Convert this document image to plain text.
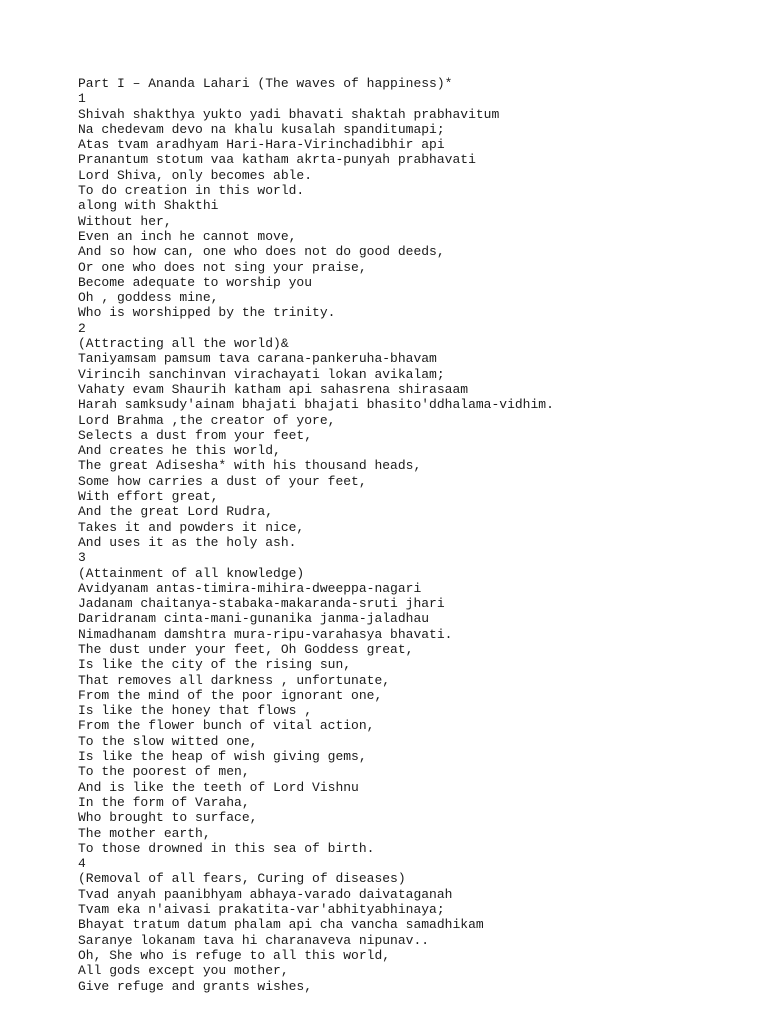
Part I – Ananda Lahari (The waves of happiness)*
1
Shivah shakthya yukto yadi bhavati shaktah prabhavitum
Na chedevam devo na khalu kusalah spanditumapi;
Atas tvam aradhyam Hari-Hara-Virinchadibhir api
Pranantum stotum vaa katham akrta-punyah prabhavati
Lord Shiva, only becomes able.
To do creation in this world.
along with Shakthi
Without her,
Even an inch he cannot move,
And so how can, one who does not do good deeds,
Or one who does not sing your praise,
Become adequate to worship you
Oh , goddess mine,
Who is worshipped by the trinity.
2
(Attracting all the world)&
Taniyamsam pamsum tava carana-pankeruha-bhavam
Virincih sanchinvan virachayati lokan avikalam;
Vahaty evam Shaurih katham api sahasrena shirasaam
Harah samksudy'ainam bhajati bhajati bhasito'ddhalama-vidhim.
Lord Brahma ,the creator of yore,
Selects a dust from your feet,
And creates he this world,
The great Adisesha* with his thousand heads,
Some how carries a dust of your feet,
With effort great,
And the great Lord Rudra,
Takes it and powders it nice,
And uses it as the holy ash.
3
(Attainment of all knowledge)
Avidyanam antas-timira-mihira-dweeppa-nagari
Jadanam chaitanya-stabaka-makaranda-sruti jhari
Daridranam cinta-mani-gunanika janma-jaladhau
Nimadhanam damshtra mura-ripu-varahasya bhavati.
The dust under your feet, Oh Goddess great,
Is like the city of the rising sun,
That removes all darkness , unfortunate,
From the mind of the poor ignorant one,
Is like the honey that flows ,
From the flower bunch of vital action,
To the slow witted one,
Is like the heap of wish giving gems,
To the poorest of men,
And is like the teeth of Lord Vishnu
In the form of Varaha,
Who brought to surface,
The mother earth,
To those drowned in this sea of birth.
4
(Removal of all fears, Curing of diseases)
Tvad anyah paanibhyam abhaya-varado daivataganah
Tvam eka n'aivasi prakatita-var'abhityabhinaya;
Bhayat tratum datum phalam api cha vancha samadhikam
Saranye lokanam tava hi charanaveva nipunav..
Oh, She who is refuge to all this world,
All gods except you mother,
Give refuge and grants wishes,
